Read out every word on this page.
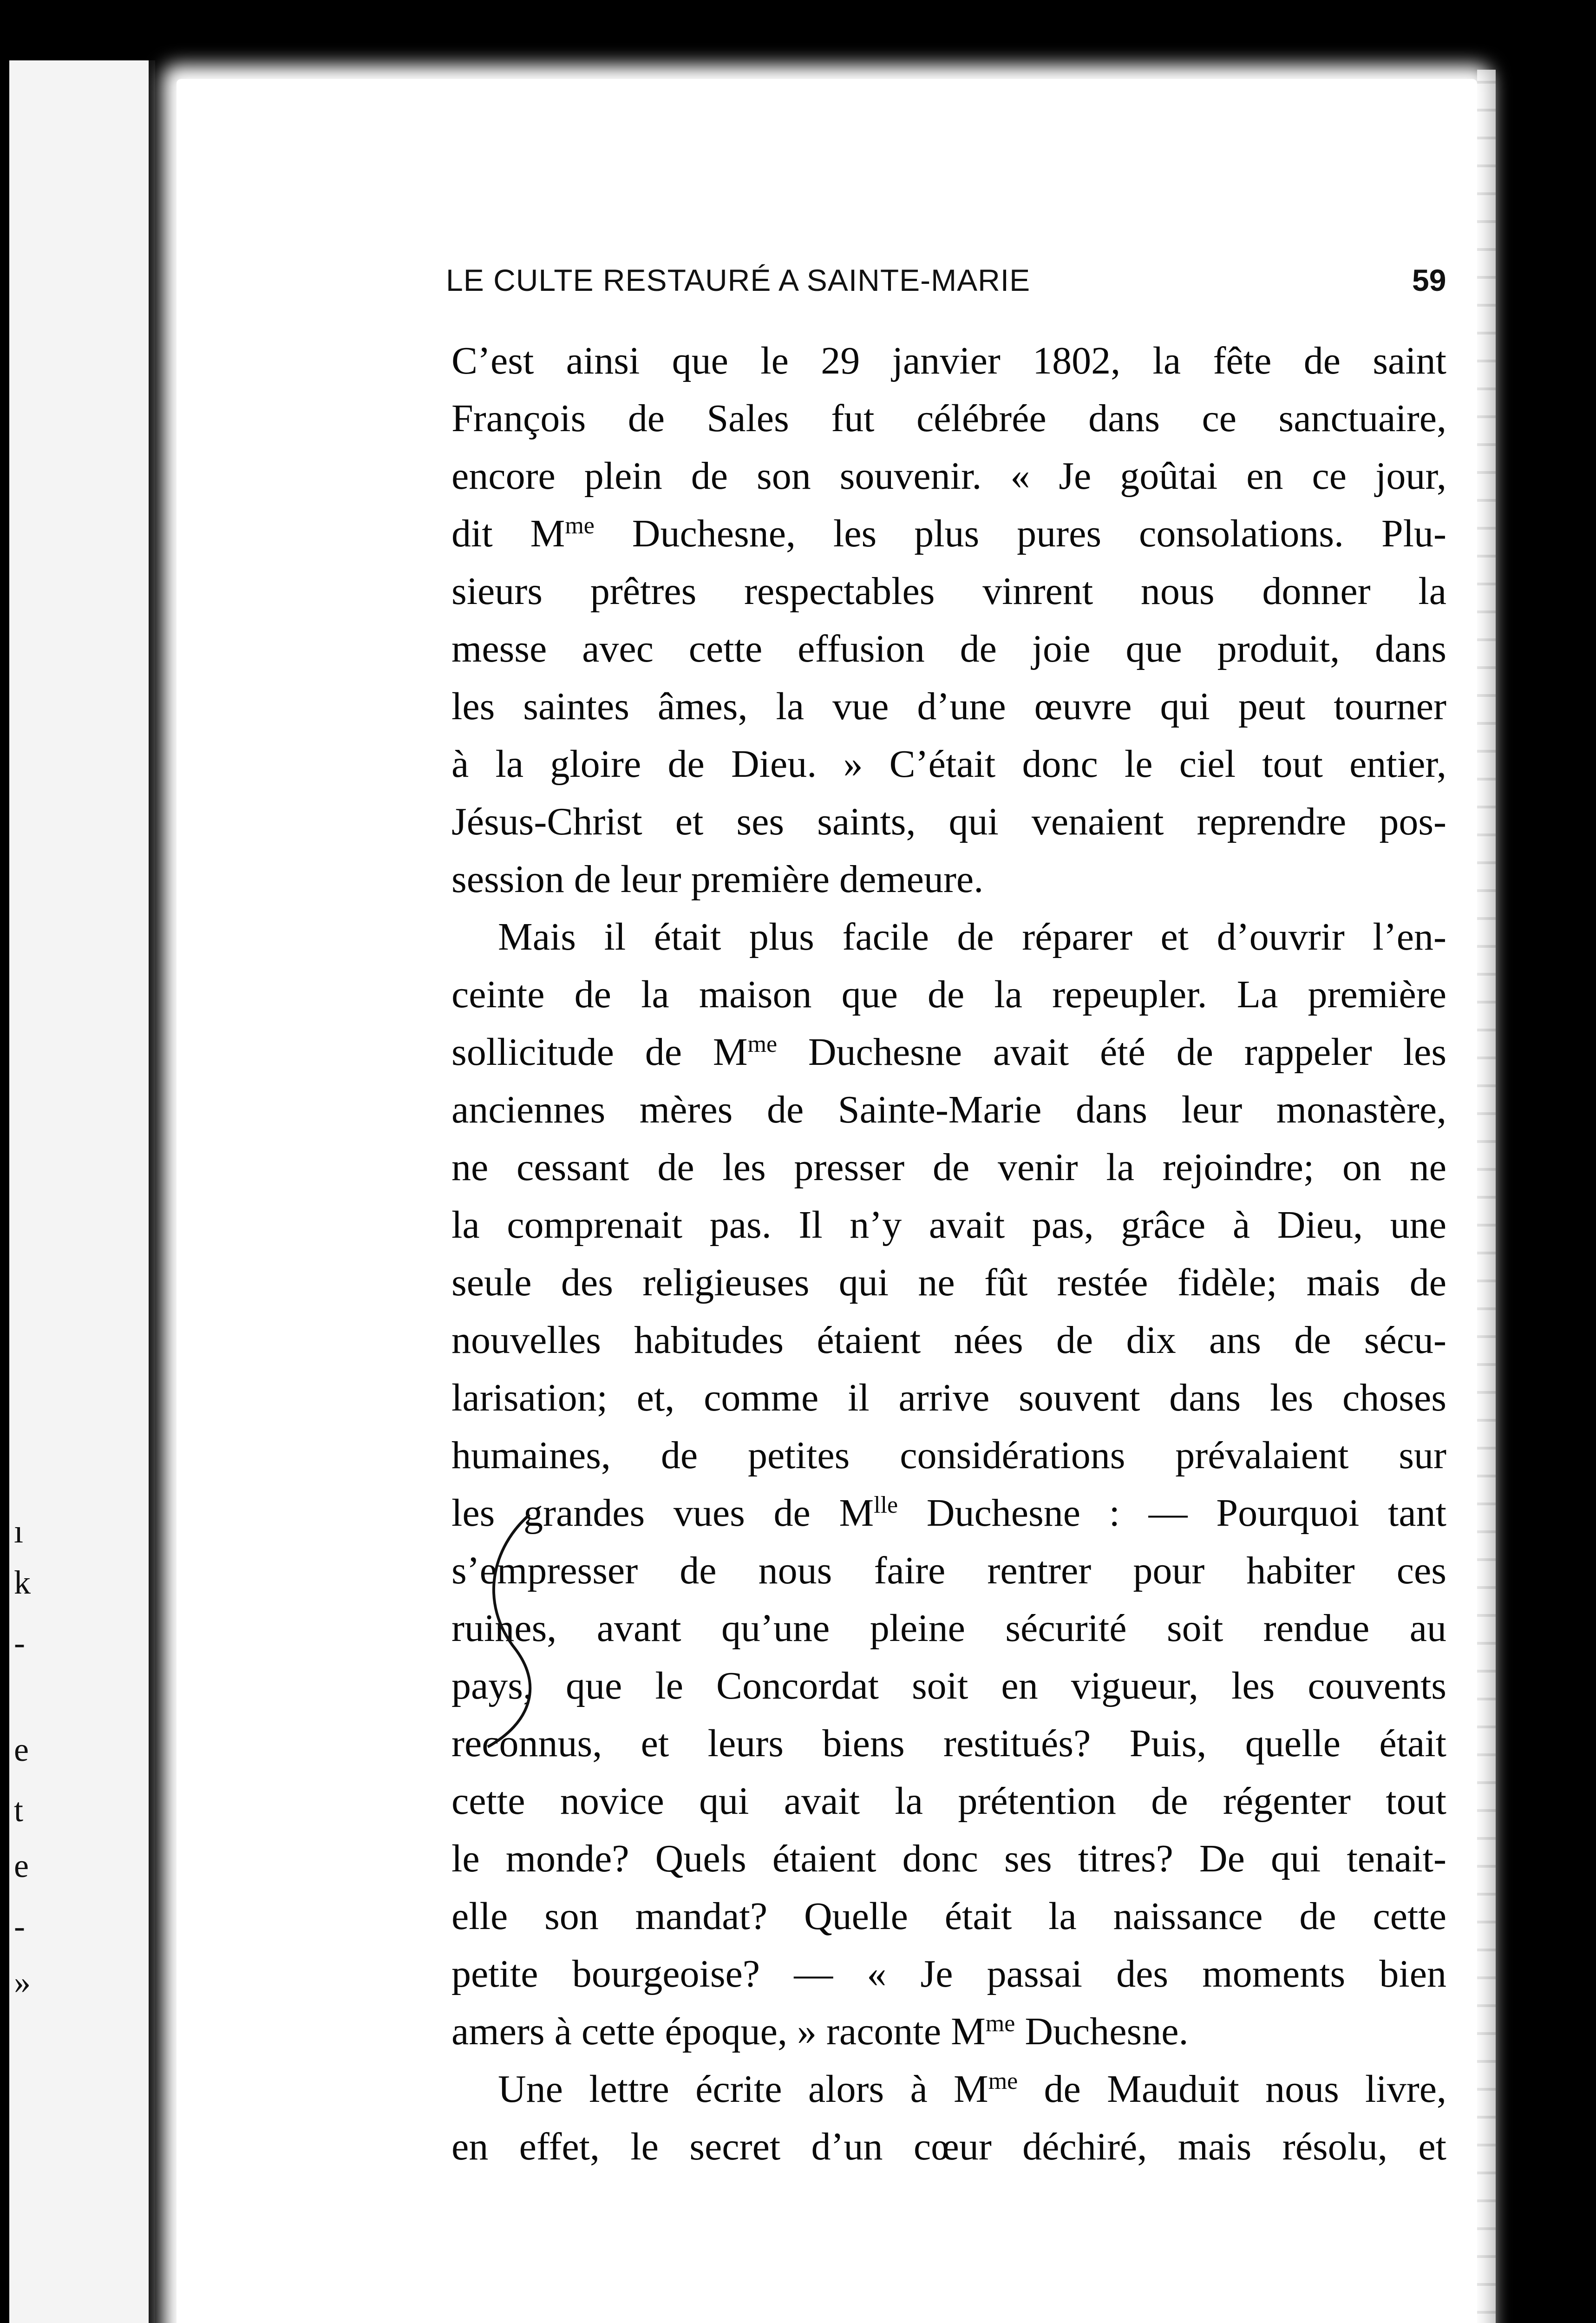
ı
k
-
e
t
e
-
»
LE CULTE RESTAURÉ A SAINTE-MARIE	59
C’est ainsi que le 29 janvier 1802, la fête de saint
François de Sales fut célébrée dans ce sanctuaire,
encore plein de son souvenir. « Je goûtai en ce jour,
dit $M^{me}$ Duchesne, les plus pures consolations. Plu-
sieurs prêtres respectables vinrent nous donner la
messe avec cette effusion de joie que produit, dans
les saintes âmes, la vue d’une œuvre qui peut tourner
à la gloire de Dieu. » C’était donc le ciel tout entier,
Jésus-Christ et ses saints, qui venaient reprendre pos-
session de leur première demeure.
Mais il était plus facile de réparer et d’ouvrir l’en-
ceinte de la maison que de la repeupler. La première
sollicitude de $M^{me}$ Duchesne avait été de rappeler les
anciennes mères de Sainte-Marie dans leur monastère,
ne cessant de les presser de venir la rejoindre; on ne
la comprenait pas. Il n’y avait pas, grâce à Dieu, une
seule des religieuses qui ne fût restée fidèle; mais de
nouvelles habitudes étaient nées de dix ans de sécu-
larisation; et, comme il arrive souvent dans les choses
humaines, de petites considérations prévalaient sur
les grandes vues de $M^{lle}$ Duchesne : — Pourquoi tant
s’empresser de nous faire rentrer pour habiter ces
ruines, avant qu’une pleine sécurité soit rendue au
pays, que le Concordat soit en vigueur, les couvents
reconnus, et leurs biens restitués? Puis, quelle était
cette novice qui avait la prétention de régenter tout
le monde? Quels étaient donc ses titres? De qui tenait-
elle son mandat? Quelle était la naissance de cette
petite bourgeoise? — « Je passai des moments bien
amers à cette époque, » raconte $M^{me}$ Duchesne.
Une lettre écrite alors à $M^{me}$ de Mauduit nous livre,
en effet, le secret d’un cœur déchiré, mais résolu, et
